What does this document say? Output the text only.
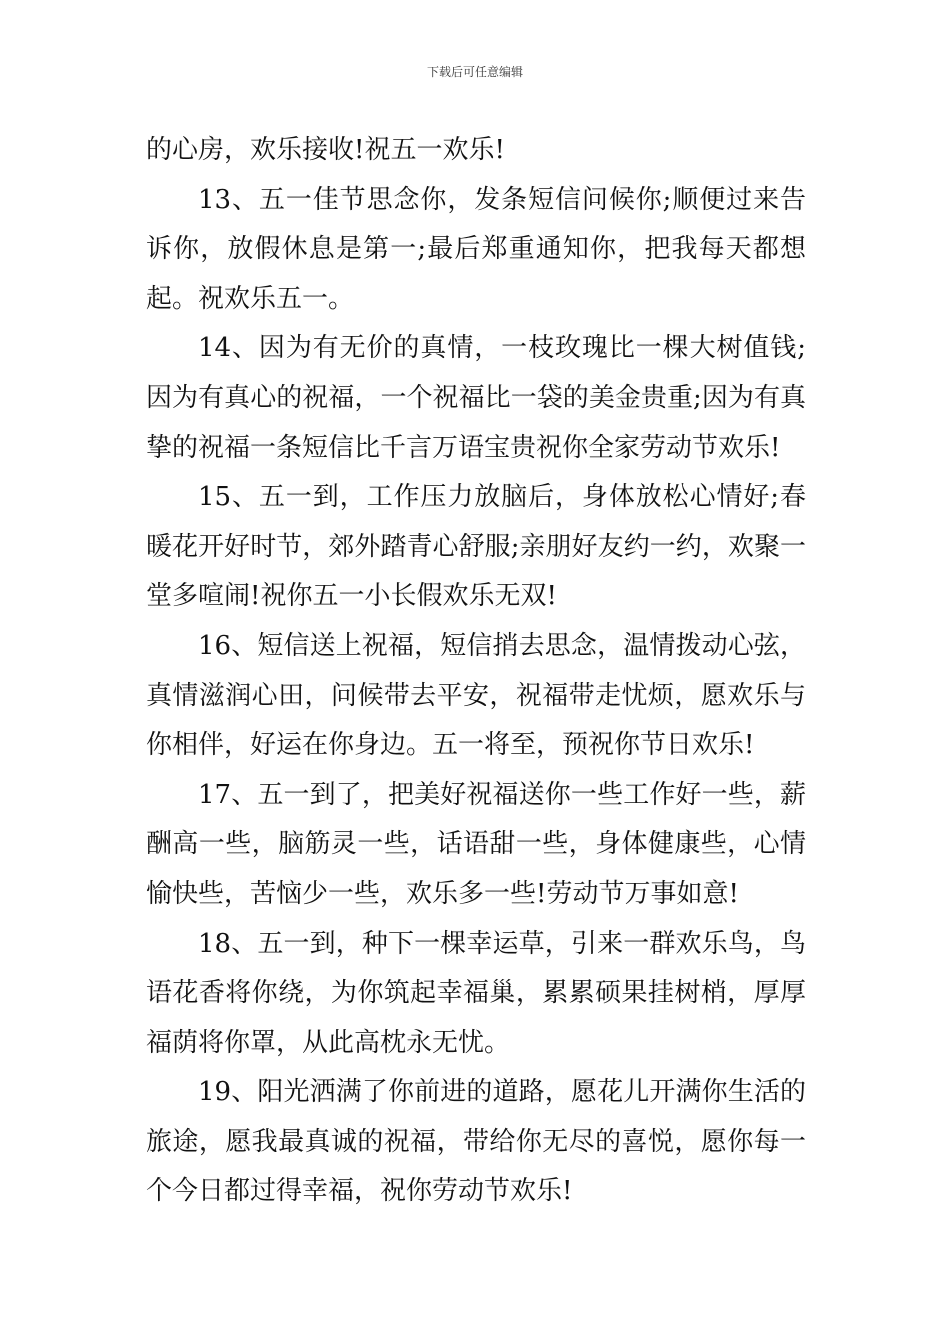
下载后可任意编辑

的心房，欢乐接收!祝五一欢乐!

13、五一佳节思念你，发条短信问候你;顺便过来告诉你，放假休息是第一;最后郑重通知你，把我每天都想起。祝欢乐五一。

14、因为有无价的真情，一枝玫瑰比一棵大树值钱;因为有真心的祝福，一个祝福比一袋的美金贵重;因为有真挚的祝福一条短信比千言万语宝贵祝你全家劳动节欢乐!

15、五一到，工作压力放脑后，身体放松心情好;春暖花开好时节，郊外踏青心舒服;亲朋好友约一约，欢聚一堂多喧闹!祝你五一小长假欢乐无双!

16、短信送上祝福，短信捎去思念，温情拨动心弦，真情滋润心田，问候带去平安，祝福带走忧烦，愿欢乐与你相伴，好运在你身边。五一将至，预祝你节日欢乐!

17、五一到了，把美好祝福送你一些工作好一些，薪酬高一些，脑筋灵一些，话语甜一些，身体健康些，心情愉快些，苦恼少一些，欢乐多一些!劳动节万事如意!

18、五一到，种下一棵幸运草，引来一群欢乐鸟，鸟语花香将你绕，为你筑起幸福巢，累累硕果挂树梢，厚厚福荫将你罩，从此高枕永无忧。

19、阳光洒满了你前进的道路，愿花儿开满你生活的旅途，愿我最真诚的祝福，带给你无尽的喜悦，愿你每一个今日都过得幸福，祝你劳动节欢乐!
